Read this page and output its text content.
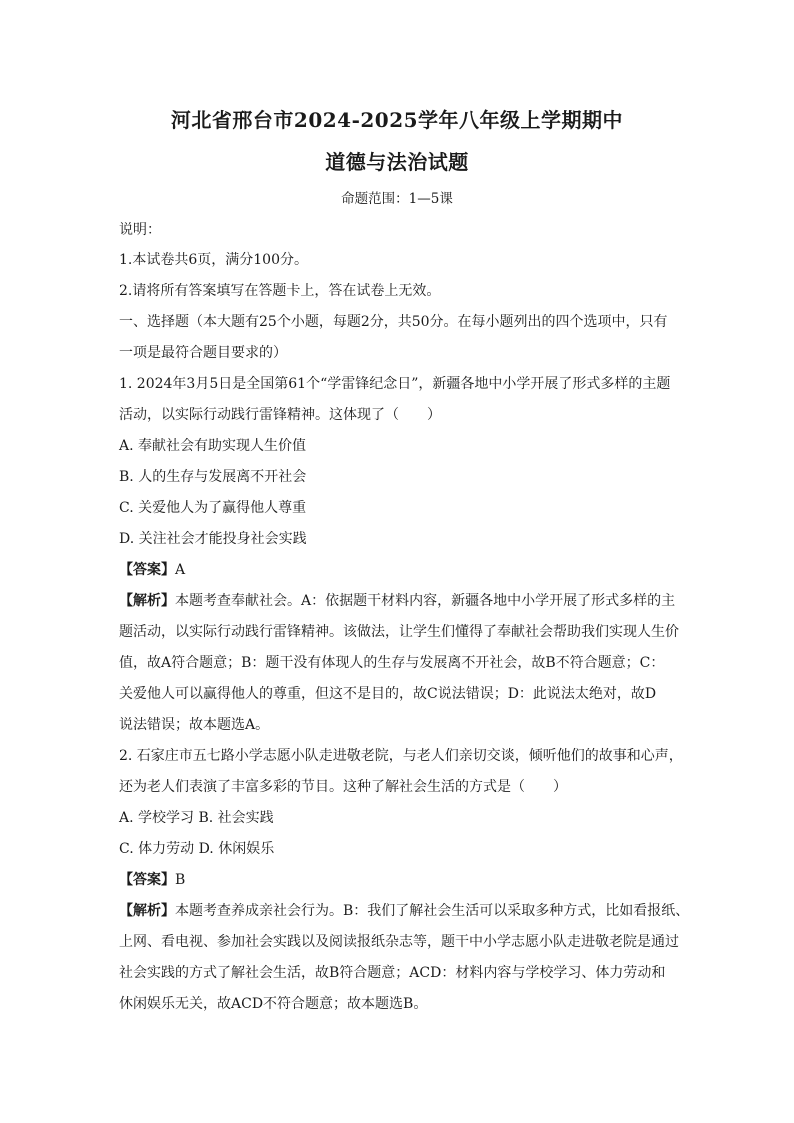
河北省邢台市2024-2025学年八年级上学期期中
道德与法治试题
命题范围：1—5课
说明：
1.本试卷共6页，满分100分。
2.请将所有答案填写在答题卡上，答在试卷上无效。
一、选择题（本大题有25个小题，每题2分，共50分。在每小题列出的四个选项中，只有
一项是最符合题目要求的）
1. 2024年3月5日是全国第61个“学雷锋纪念日”，新疆各地中小学开展了形式多样的主题
活动，以实际行动践行雷锋精神。这体现了（　　）
A. 奉献社会有助实现人生价值
B. 人的生存与发展离不开社会
C. 关爱他人为了赢得他人尊重
D. 关注社会才能投身社会实践
【答案】A
【解析】本题考查奉献社会。A：依据题干材料内容，新疆各地中小学开展了形式多样的主
题活动，以实际行动践行雷锋精神。该做法，让学生们懂得了奉献社会帮助我们实现人生价
值，故A符合题意；B：题干没有体现人的生存与发展离不开社会，故B不符合题意；C：
关爱他人可以赢得他人的尊重，但这不是目的，故C说法错误；D：此说法太绝对，故D
说法错误；故本题选A。
2. 石家庄市五七路小学志愿小队走进敬老院，与老人们亲切交谈，倾听他们的故事和心声，
还为老人们表演了丰富多彩的节目。这种了解社会生活的方式是（　　）
A. 学校学习 B. 社会实践
C. 体力劳动 D. 休闲娱乐
【答案】B
【解析】本题考查养成亲社会行为。B：我们了解社会生活可以采取多种方式，比如看报纸、
上网、看电视、参加社会实践以及阅读报纸杂志等，题干中小学志愿小队走进敬老院是通过
社会实践的方式了解社会生活，故B符合题意；ACD：材料内容与学校学习、体力劳动和
休闲娱乐无关，故ACD不符合题意；故本题选B。
